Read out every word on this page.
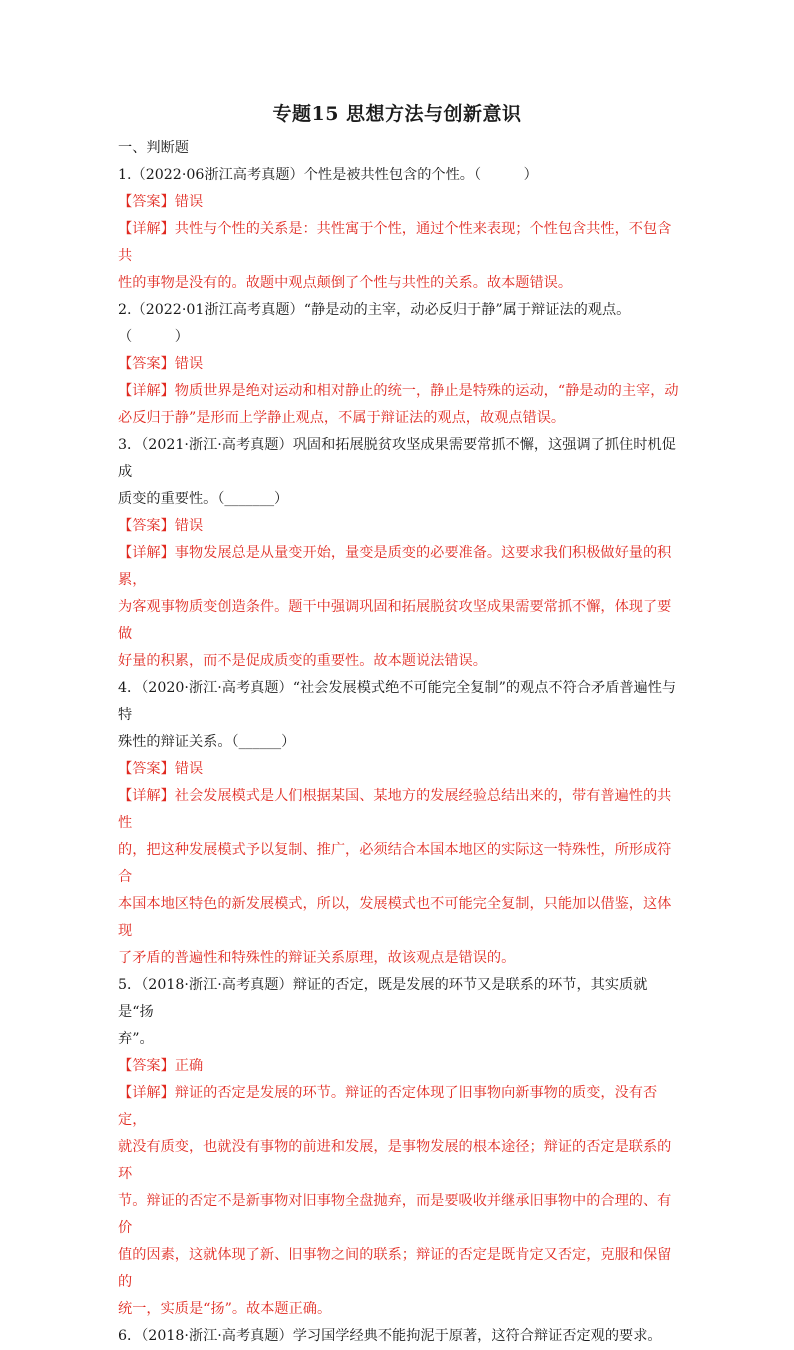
专题15 思想方法与创新意识
一、判断题
1.（2022·06浙江高考真题）个性是被共性包含的个性。（　　　）
【答案】错误
【详解】共性与个性的关系是：共性寓于个性，通过个性来表现；个性包含共性，不包含共
性的事物是没有的。故题中观点颠倒了个性与共性的关系。故本题错误。
2.（2022·01浙江高考真题）“静是动的主宰，动必反归于静”属于辩证法的观点。
（　　　）
【答案】错误
【详解】物质世界是绝对运动和相对静止的统一，静止是特殊的运动，“静是动的主宰，动
必反归于静”是形而上学静止观点，不属于辩证法的观点，故观点错误。
3．（2021·浙江·高考真题）巩固和拓展脱贫攻坚成果需要常抓不懈，这强调了抓住时机促成
质变的重要性。（_______）
【答案】错误
【详解】事物发展总是从量变开始，量变是质变的必要准备。这要求我们积极做好量的积累，
为客观事物质变创造条件。题干中强调巩固和拓展脱贫攻坚成果需要常抓不懈，体现了要做
好量的积累，而不是促成质变的重要性。故本题说法错误。
4．（2020·浙江·高考真题）“社会发展模式绝不可能完全复制”的观点不符合矛盾普遍性与特
殊性的辩证关系。（______）
【答案】错误
【详解】社会发展模式是人们根据某国、某地方的发展经验总结出来的，带有普遍性的共性
的，把这种发展模式予以复制、推广，必须结合本国本地区的实际这一特殊性，所形成符合
本国本地区特色的新发展模式，所以，发展模式也不可能完全复制，只能加以借鉴，这体现
了矛盾的普遍性和特殊性的辩证关系原理，故该观点是错误的。
5．（2018·浙江·高考真题）辩证的否定，既是发展的环节又是联系的环节，其实质就是“扬
弃”。
【答案】正确
【详解】辩证的否定是发展的环节。辩证的否定体现了旧事物向新事物的质变，没有否定，
就没有质变，也就没有事物的前进和发展，是事物发展的根本途径；辩证的否定是联系的环
节。辩证的否定不是新事物对旧事物全盘抛弃，而是要吸收并继承旧事物中的合理的、有价
值的因素，这就体现了新、旧事物之间的联系；辩证的否定是既肯定又否定，克服和保留的
统一，实质是“扬”。故本题正确。
6．（2018·浙江·高考真题）学习国学经典不能拘泥于原著，这符合辩证否定观的要求。
